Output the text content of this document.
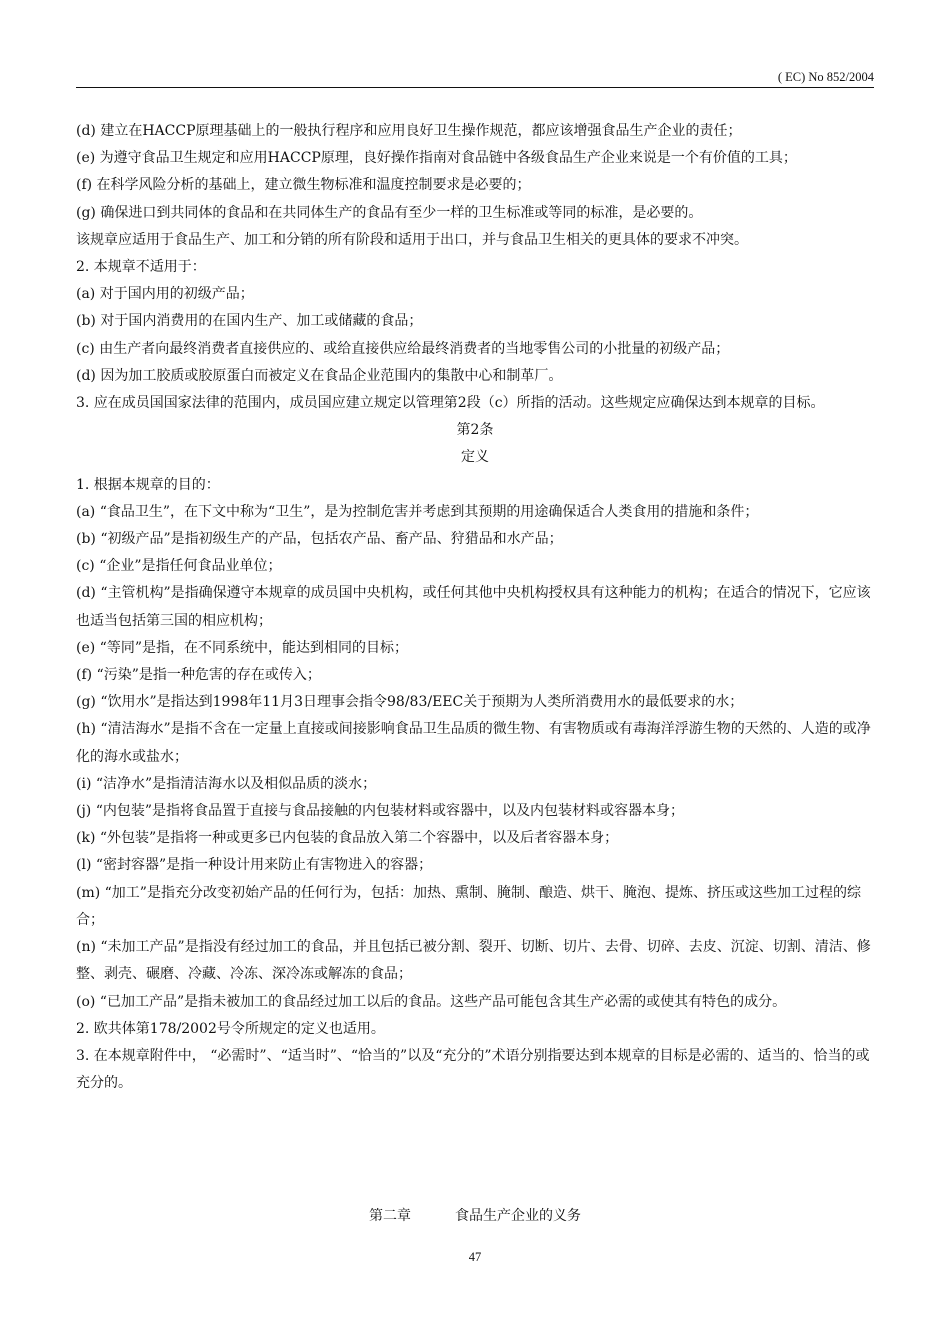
( EC) No 852/2004

(d) 建立在HACCP原理基础上的一般执行程序和应用良好卫生操作规范，都应该增强食品生产企业的责任；

(e) 为遵守食品卫生规定和应用HACCP原理，良好操作指南对食品链中各级食品生产企业来说是一个有价值的工具；

(f) 在科学风险分析的基础上，建立微生物标准和温度控制要求是必要的；

(g) 确保进口到共同体的食品和在共同体生产的食品有至少一样的卫生标准或等同的标准，是必要的。

该规章应适用于食品生产、加工和分销的所有阶段和适用于出口，并与食品卫生相关的更具体的要求不冲突。

2. 本规章不适用于：

(a) 对于国内用的初级产品；

(b) 对于国内消费用的在国内生产、加工或储藏的食品；

(c) 由生产者向最终消费者直接供应的、或给直接供应给最终消费者的当地零售公司的小批量的初级产品；

(d) 因为加工胶质或胶原蛋白而被定义在食品企业范围内的集散中心和制革厂。

3. 应在成员国国家法律的范围内，成员国应建立规定以管理第2段（c）所指的活动。这些规定应确保达到本规章的目标。

第2条

定义

1. 根据本规章的目的：

(a) “食品卫生”，在下文中称为“卫生”，是为控制危害并考虑到其预期的用途确保适合人类食用的措施和条件；

(b) “初级产品”是指初级生产的产品，包括农产品、畜产品、狩猎品和水产品；

(c) “企业”是指任何食品业单位；

(d) “主管机构”是指确保遵守本规章的成员国中央机构，或任何其他中央机构授权具有这种能力的机构；在适合的情况下，它应该也适当包括第三国的相应机构；

(e) “等同”是指，在不同系统中，能达到相同的目标；

(f) “污染”是指一种危害的存在或传入；

(g) “饮用水”是指达到1998年11月3日理事会指令98/83/EEC关于预期为人类所消费用水的最低要求的水；

(h) “清洁海水”是指不含在一定量上直接或间接影响食品卫生品质的微生物、有害物质或有毒海洋浮游生物的天然的、人造的或净化的海水或盐水；

(i) “洁净水”是指清洁海水以及相似品质的淡水；

(j) “内包装”是指将食品置于直接与食品接触的内包装材料或容器中，以及内包装材料或容器本身；

(k) “外包装”是指将一种或更多已内包装的食品放入第二个容器中，以及后者容器本身；

(l) “密封容器”是指一种设计用来防止有害物进入的容器；

(m) “加工”是指充分改变初始产品的任何行为，包括：加热、熏制、腌制、酿造、烘干、腌泡、提炼、挤压或这些加工过程的综合；

(n) “未加工产品”是指没有经过加工的食品，并且包括已被分割、裂开、切断、切片、去骨、切碎、去皮、沉淀、切割、清洁、修整、剥壳、碾磨、冷藏、冷冻、深冷冻或解冻的食品；

(o) “已加工产品”是指未被加工的食品经过加工以后的食品。这些产品可能包含其生产必需的或使其有特色的成分。

2. 欧共体第178/2002号令所规定的定义也适用。

3. 在本规章附件中， “必需时”、“适当时”、“恰当的”以及“充分的”术语分别指要达到本规章的目标是必需的、适当的、恰当的或充分的。

第二章	食品生产企业的义务
47
